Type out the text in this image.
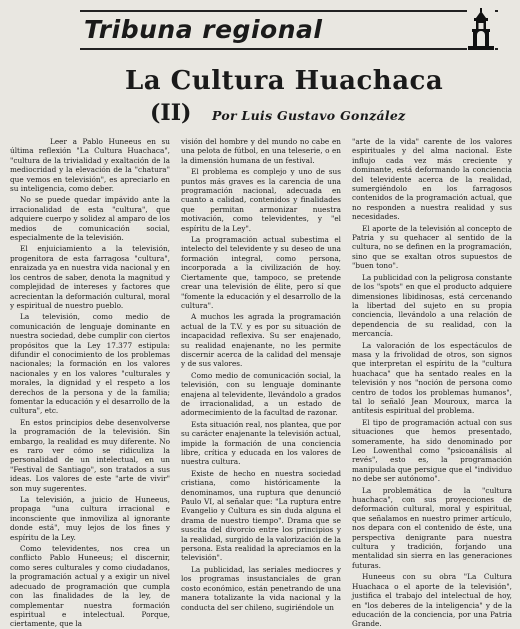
Tribuna regional
La Cultura Huachaca
(II) Por Luis Gustavo González

Leer a Pablo Huneeus en su última reflexión "La Cultura Huachaca", "cultura de la trivialidad y exaltación de la mediocridad y la elevación de la "chatura" que vemos en televisión", es apreciarlo en su inteligencia, como deber.

No se puede quedar impávido ante la irracionalidad de esta "cultura", que adquiere cuerpo y solidez al amparo de los medios de comunicación social, especialmente de la televisión.

El enjuiciamiento a la televisión, progenitora de esta farragosa "cultura", enraizada ya en nuestra vida nacional y en los centros de saber, denota la magnitud y complejidad de intereses y factores que acrecientan la deformación cultural, moral y espiritual de nuestro pueblo.

La televisión, como medio de comunicación de lenguaje dominante en nuestra sociedad, debe cumplir con ciertos propósitos que la Ley 17.377 estipula: difundir el conocimiento de los problemas nacionales; la formación en los valores nacionales y en los valores "culturales y morales, la dignidad y el respeto a los derechos de la persona y de la familia; fomentar la educación y el desarrollo de la cultura", etc.

En estos principios debe desenvolverse la programación de la televisión. Sin embargo, la realidad es muy diferente. No es raro ver cómo se ridiculiza la personalidad de un intelectual, en un "Festival de Santiago", son tratados a sus ideas. Los valores de este "arte de vivir" son muy sugerentes.

La televisión, a juicio de Huneeus, propaga "una cultura irracional e inconsciente que inmoviliza al ignorante donde está", muy lejos de los fines y espíritu de la Ley.

Como televidentes, nos crea un conflicto Pablo Huneeus; el discernir, como seres culturales y como ciudadanos, la programación actual y a exigir un nivel adecuado de programación que cumpla con las finalidades de la ley, de complementar nuestra formación espiritual e intelectual. Porque, ciertamente, que la

visión del hombre y del mundo no cabe en una pelota de fútbol, en una teleserie, o en la dimensión humana de un festival.

El problema es complejo y uno de sus puntos más graves es la carencia de una programación nacional, adecuada en cuanto a calidad, contenidos y finalidades que permitan armonizar nuestra motivación, como televidentes, y "el espíritu de la Ley".

La programación actual subestima el intelecto del televidente y su deseo de una formación integral, como persona, incorporada a la civilización de hoy. Ciertamente que, tampoco, se pretende crear una televisión de élite, pero sí que "fomente la educación y el desarrollo de la cultura".

A muchos les agrada la programación actual de la T.V. y es por su situación de incapacidad reflexiva. Su ser enajenado, su realidad enajenante, no les permite discernir acerca de la calidad del mensaje y de sus valores.

Como medio de comunicación social, la televisión, con su lenguaje dominante enajena al televidente, llevándolo a grados de irracionalidad, a un estado de adormecimiento de la facultad de razonar.

Esta situación real, nos plantea, que por su carácter enajenante la televisión actual, impide la formación de una conciencia libre, crítica y educada en los valores de nuestra cultura.

Existe de hecho en nuestra sociedad cristiana, como históricamente la denominamos, una ruptura que denunció Paulo VI, al señalar que: "La ruptura entre Evangelio y Cultura es sin duda alguna el drama de nuestro tiempo". Drama que se suscita del divorcio entre los principios y la realidad, surgido de la valorización de la persona. Esta realidad la apreciamos en la televisión".

La publicidad, las seriales mediocres y los programas insustanciales de gran costo económico, están penetrando de una manera totalizante la vida nacional y la conducta del ser chileno, sugiriéndole un

"arte de la vida" carente de los valores espirituales y del alma nacional. Este influjo cada vez más creciente y dominante, está deformando la conciencia del televidente acerca de la realidad, sumergiéndolo en los farragosos contenidos de la programación actual, que no responden a nuestra realidad y sus necesidades.

El aporte de la televisión al concepto de Patria y su quehacer al sentido de la cultura, no se definen en la programación, sino que se exaltan otros supuestos de "buen tono".

La publicidad con la peligrosa constante de los "spots" en que el producto adquiere dimensiones libidinosas, está cercenando la libertad del sujeto en su propia conciencia, llevándolo a una relación de dependencia de su realidad, con la mercancía.

La valoración de los espectáculos de masa y la frivolidad de otros, son signos que interpretan el espíritu de la "cultura huachaca" que ha sentado reales en la televisión y nos "noción de persona como centro de todos los problemas humanos", tal lo señaló Jean Mouroux, marca la antítesis espiritual del problema.

El tipo de programación actual con sus situaciones que hemos presentado, someramente, ha sido denominado por Leo Lowenthal como "psicoanálisis al revés", esto es, la programación manipulada que persigue que el "individuo no debe ser autónomo".

La problemática de la "cultura huachaca", con sus proyecciones de deformación cultural, moral y espiritual, que señalamos en nuestro primer artículo, nos depara con el contenido de éste, una perspectiva denigrante para nuestra cultura y tradición, forjando una mentalidad sin sierra en las generaciones futuras.

Huneeus con su obra "La Cultura Huachaca o el aporte de la televisión", justifica el trabajo del intelectual de hoy, en "los deberes de la inteligencia" y de la educación de la conciencia, por una Patria Grande.
